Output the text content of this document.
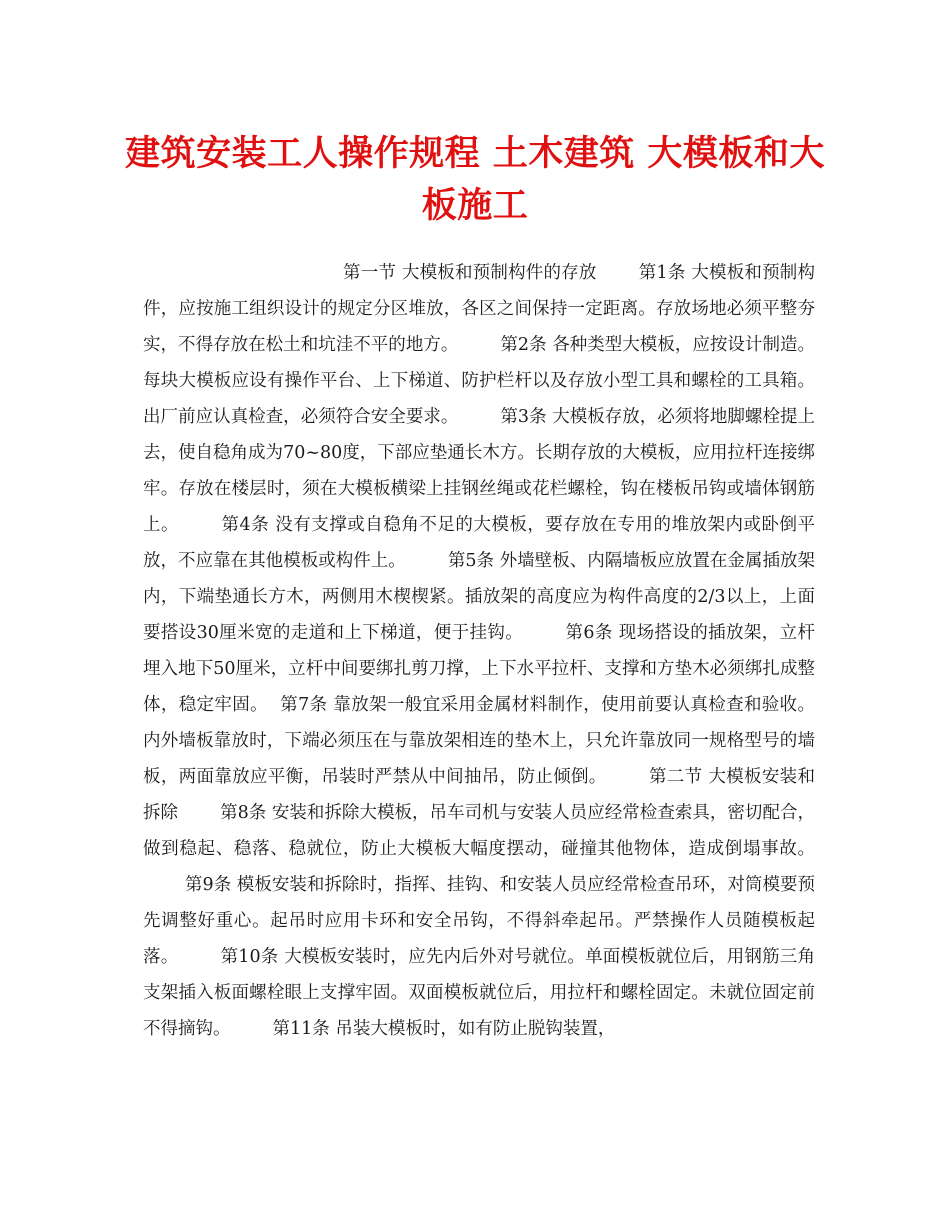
建筑安装工人操作规程 土木建筑 大模板和大板施工

第一节 大模板和预制构件的存放 第1条 大模板和预制构件，应按施工组织设计的规定分区堆放，各区之间保持一定距离。存放场地必须平整夯实，不得存放在松土和坑洼不平的地方。 第2条 各种类型大模板，应按设计制造。每块大模板应设有操作平台、上下梯道、防护栏杆以及存放小型工具和螺栓的工具箱。出厂前应认真检查，必须符合安全要求。 第3条 大模板存放，必须将地脚螺栓提上去，使自稳角成为70~80度，下部应垫通长木方。长期存放的大模板，应用拉杆连接绑牢。存放在楼层时，须在大模板横梁上挂钢丝绳或花栏螺栓，钩在楼板吊钩或墙体钢筋上。 第4条 没有支撑或自稳角不足的大模板，要存放在专用的堆放架内或卧倒平放，不应靠在其他模板或构件上。 第5条 外墙壁板、内隔墙板应放置在金属插放架内，下端垫通长方木，两侧用木楔楔紧。插放架的高度应为构件高度的2/3以上，上面要搭设30厘米宽的走道和上下梯道，便于挂钩。 第6条 现场搭设的插放架，立杆埋入地下50厘米，立杆中间要绑扎剪刀撑，上下水平拉杆、支撑和方垫木必须绑扎成整体，稳定牢固。 第7条 靠放架一般宜采用金属材料制作，使用前要认真检查和验收。内外墙板靠放时，下端必须压在与靠放架相连的垫木上，只允许靠放同一规格型号的墙板，两面靠放应平衡，吊装时严禁从中间抽吊，防止倾倒。 第二节 大模板安装和拆除 第8条 安装和拆除大模板，吊车司机与安装人员应经常检查索具，密切配合，做到稳起、稳落、稳就位，防止大模板大幅度摆动，碰撞其他物体，造成倒塌事故。第9条 模板安装和拆除时，指挥、挂钩、和安装人员应经常检查吊环，对筒模要预先调整好重心。起吊时应用卡环和安全吊钩，不得斜牵起吊。严禁操作人员随模板起落。 第10条 大模板安装时，应先内后外对号就位。单面模板就位后，用钢筋三角支架插入板面螺栓眼上支撑牢固。双面模板就位后，用拉杆和螺栓固定。未就位固定前不得摘钩。 第11条 吊装大模板时，如有防止脱钩装置，
